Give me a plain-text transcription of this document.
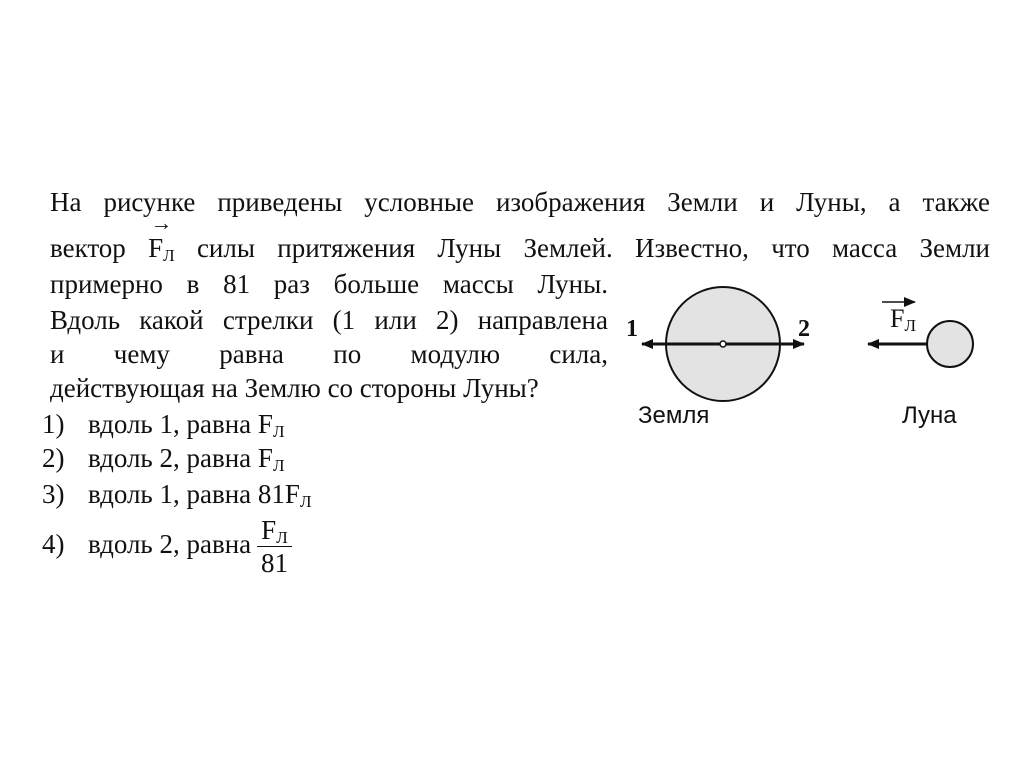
На рисунке приведены условные изображения Земли и Луны, а также
вектор
→
$F_Л$ силы притяжения Луны Землей. Известно, что масса Земли
примерно в 81 раз больше массы Луны.
Вдоль какой стрелки (1 или 2) направлена
и чему равна по модулю сила,
действующая на Землю со стороны Луны?
1) вдоль 1, равна $F_Л$
2) вдоль 2, равна $F_Л$
3) вдоль 1, равна $81F_Л$
4) вдоль 2, равна $\frac{F_Л}{81}$
1	2	$F_Л$
Земля	Луна
